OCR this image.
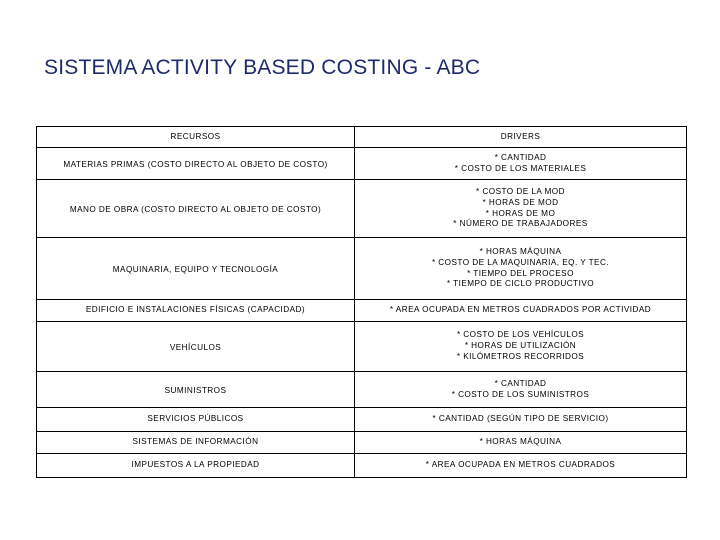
SISTEMA ACTIVITY BASED COSTING - ABC
RECURSOS	DRIVERS

MATERIAS PRIMAS (COSTO DIRECTO AL OBJETO DE COSTO)	* CANTIDAD
* COSTO DE LOS MATERIALES

MANO DE OBRA (COSTO DIRECTO AL OBJETO DE COSTO)	* COSTO DE LA MOD
* HORAS DE MOD
* HORAS DE MO
* NÚMERO DE TRABAJADORES

MAQUINARIA, EQUIPO Y TECNOLOGÍA	* HORAS MÁQUINA
* COSTO DE LA MAQUINARIA, EQ. Y TEC.
* TIEMPO DEL PROCESO
* TIEMPO DE CICLO PRODUCTIVO

EDIFICIO E INSTALACIONES FÍSICAS (CAPACIDAD)	* AREA OCUPADA EN METROS CUADRADOS POR ACTIVIDAD

VEHÍCULOS	* COSTO DE LOS VEHÍCULOS
* HORAS DE UTILIZACIÓN
* KILÓMETROS RECORRIDOS

SUMINISTROS	* CANTIDAD
* COSTO DE LOS SUMINISTROS

SERVICIOS PÚBLICOS	* CANTIDAD (SEGÚN TIPO DE SERVICIO)

SISTEMAS DE INFORMACIÓN	* HORAS MÁQUINA

IMPUESTOS A LA PROPIEDAD	* AREA OCUPADA EN METROS CUADRADOS
